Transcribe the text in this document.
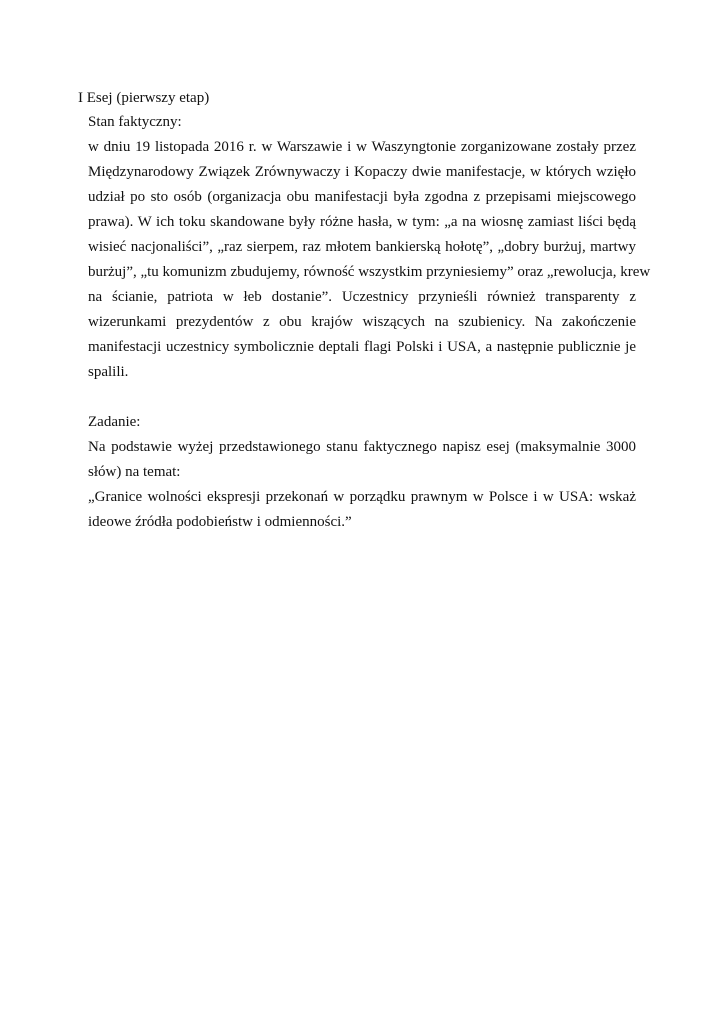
I Esej (pierwszy etap)
Stan faktyczny:
w dniu 19 listopada 2016 r. w Warszawie i w Waszyngtonie zorganizowane zostały przez
Międzynarodowy Związek Zrównywaczy i Kopaczy dwie manifestacje, w których wzięło
udział po sto osób (organizacja obu manifestacji była zgodna z przepisami miejscowego
prawa). W ich toku skandowane były różne hasła, w tym: „a na wiosnę zamiast liści będą
wisieć nacjonaliści”, „raz sierpem, raz młotem bankierską hołotę”, „dobry burżuj, martwy
burżuj”, „tu komunizm zbudujemy, równość wszystkim przyniesiemy” oraz „rewolucja, krew
na ścianie, patriota w łeb dostanie”. Uczestnicy przynieśli również transparenty z
wizerunkami prezydentów z obu krajów wiszących na szubienicy. Na zakończenie
manifestacji uczestnicy symbolicznie deptali flagi Polski i USA, a następnie publicznie je
spalili.
Zadanie:
Na podstawie wyżej przedstawionego stanu faktycznego napisz esej (maksymalnie 3000
słów) na temat:
„Granice wolności ekspresji przekonań w porządku prawnym w Polsce i w USA: wskaż
ideowe źródła podobieństw i odmienności.”
